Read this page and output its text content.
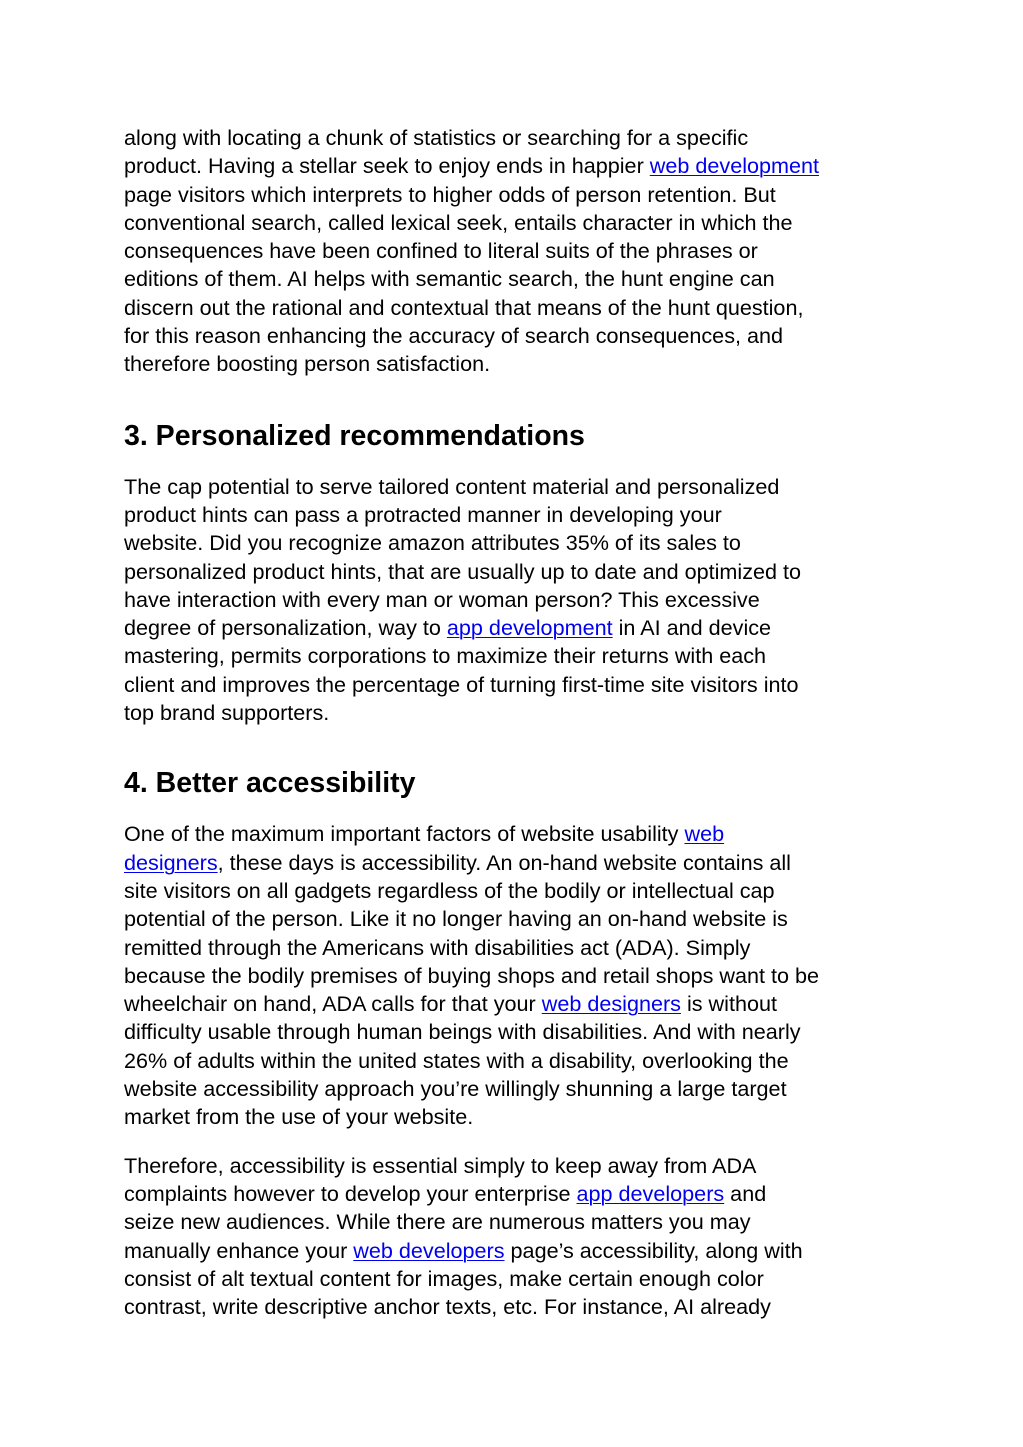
along with locating a chunk of statistics or searching for a specific
product. Having a stellar seek to enjoy ends in happier web development
page visitors which interprets to higher odds of person retention. But
conventional search, called lexical seek, entails character in which the
consequences have been confined to literal suits of the phrases or
editions of them. AI helps with semantic search, the hunt engine can
discern out the rational and contextual that means of the hunt question,
for this reason enhancing the accuracy of search consequences, and
therefore boosting person satisfaction.

3. Personalized recommendations

The cap potential to serve tailored content material and personalized
product hints can pass a protracted manner in developing your
website. Did you recognize amazon attributes 35% of its sales to
personalized product hints, that are usually up to date and optimized to
have interaction with every man or woman person? This excessive
degree of personalization, way to app development in AI and device
mastering, permits corporations to maximize their returns with each
client and improves the percentage of turning first-time site visitors into
top brand supporters.

4. Better accessibility

One of the maximum important factors of website usability web
designers, these days is accessibility. An on-hand website contains all
site visitors on all gadgets regardless of the bodily or intellectual cap
potential of the person. Like it no longer having an on-hand website is
remitted through the Americans with disabilities act (ADA). Simply
because the bodily premises of buying shops and retail shops want to be
wheelchair on hand, ADA calls for that your web designers is without
difficulty usable through human beings with disabilities. And with nearly
26% of adults within the united states with a disability, overlooking the
website accessibility approach you’re willingly shunning a large target
market from the use of your website.

Therefore, accessibility is essential simply to keep away from ADA
complaints however to develop your enterprise app developers and
seize new audiences. While there are numerous matters you may
manually enhance your web developers page’s accessibility, along with
consist of alt textual content for images, make certain enough color
contrast, write descriptive anchor texts, etc. For instance, AI already
